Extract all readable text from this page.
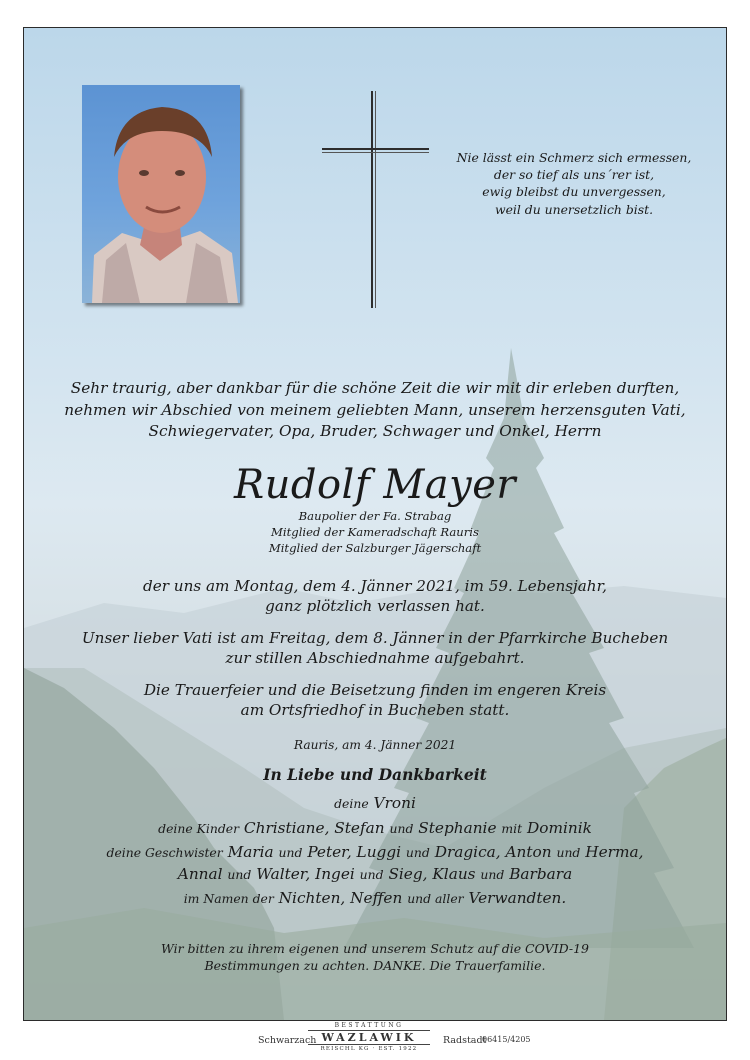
Nie lässt ein Schmerz sich ermessen,
der so tief als uns´rer ist,
ewig bleibst du unvergessen,
weil du unersetzlich bist.
Sehr traurig, aber dankbar für die schöne Zeit die wir mit dir erleben durften,
nehmen wir Abschied von meinem geliebten Mann, unserem herzensguten Vati,
Schwiegervater, Opa, Bruder, Schwager und Onkel, Herrn
Rudolf Mayer
Baupolier der Fa. Strabag
Mitglied der Kameradschaft Rauris
Mitglied der Salzburger Jägerschaft
der uns am Montag, dem 4. Jänner 2021, im 59. Lebensjahr,
ganz plötzlich verlassen hat.
Unser lieber Vati ist am Freitag, dem 8. Jänner in der Pfarrkirche Bucheben
zur stillen Abschiednahme aufgebahrt.
Die Trauerfeier und die Beisetzung finden im engeren Kreis
am Ortsfriedhof in Bucheben statt.
Rauris, am 4. Jänner 2021
In Liebe und Dankbarkeit
deine Vroni
deine Kinder Christiane, Stefan und Stephanie mit Dominik
deine Geschwister Maria und Peter, Luggi und Dragica, Anton und Herma,
Annal und Walter, Ingei und Sieg, Klaus und Barbara
im Namen der Nichten, Neffen und aller Verwandten.
Wir bitten zu ihrem eigenen und unserem Schutz auf die COVID-19
Bestimmungen zu achten. DANKE. Die Trauerfamilie.
Schwarzach
BESTATTUNG
WAZLAWIK
REISCHL KG · EST. 1922
Radstadt
06415/4205
